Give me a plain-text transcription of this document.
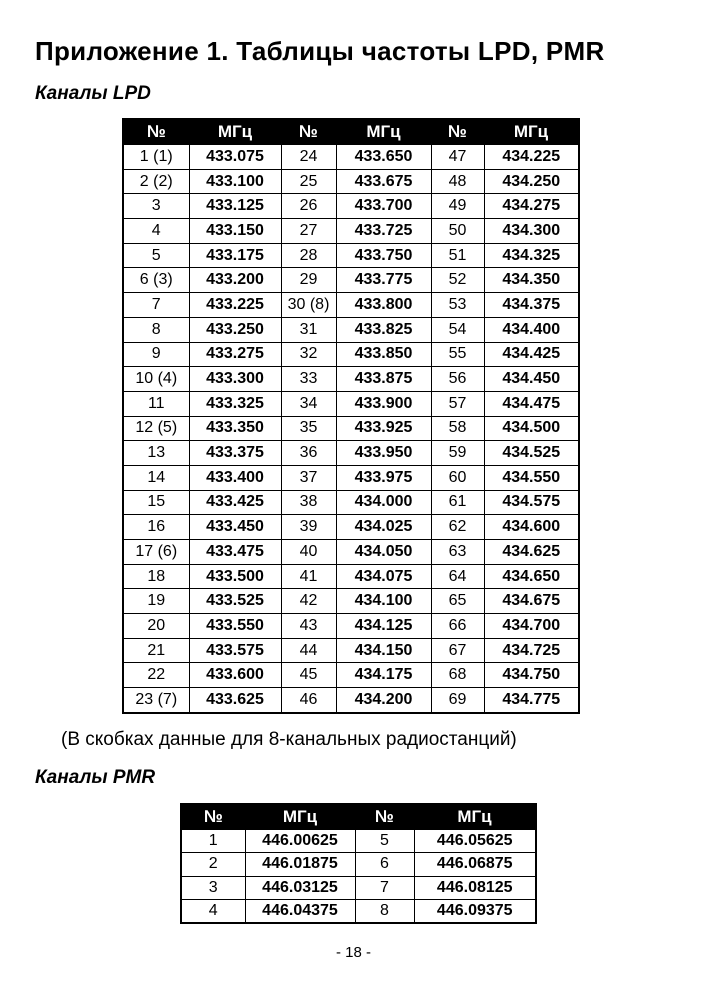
Приложение 1. Таблицы частоты LPD, PMR
Каналы LPD
№	МГц	№	МГц	№	МГц
1 (1)	433.075	24	433.650	47	434.225
2 (2)	433.100	25	433.675	48	434.250
3	433.125	26	433.700	49	434.275
4	433.150	27	433.725	50	434.300
5	433.175	28	433.750	51	434.325
6 (3)	433.200	29	433.775	52	434.350
7	433.225	30 (8)	433.800	53	434.375
8	433.250	31	433.825	54	434.400
9	433.275	32	433.850	55	434.425
10 (4)	433.300	33	433.875	56	434.450
11	433.325	34	433.900	57	434.475
12 (5)	433.350	35	433.925	58	434.500
13	433.375	36	433.950	59	434.525
14	433.400	37	433.975	60	434.550
15	433.425	38	434.000	61	434.575
16	433.450	39	434.025	62	434.600
17 (6)	433.475	40	434.050	63	434.625
18	433.500	41	434.075	64	434.650
19	433.525	42	434.100	65	434.675
20	433.550	43	434.125	66	434.700
21	433.575	44	434.150	67	434.725
22	433.600	45	434.175	68	434.750
23 (7)	433.625	46	434.200	69	434.775

(В скобках данные для 8-канальных радиостанций)

Каналы PMR
№	МГц	№	МГц
1	446.00625	5	446.05625
2	446.01875	6	446.06875
3	446.03125	7	446.08125
4	446.04375	8	446.09375
- 18 -
